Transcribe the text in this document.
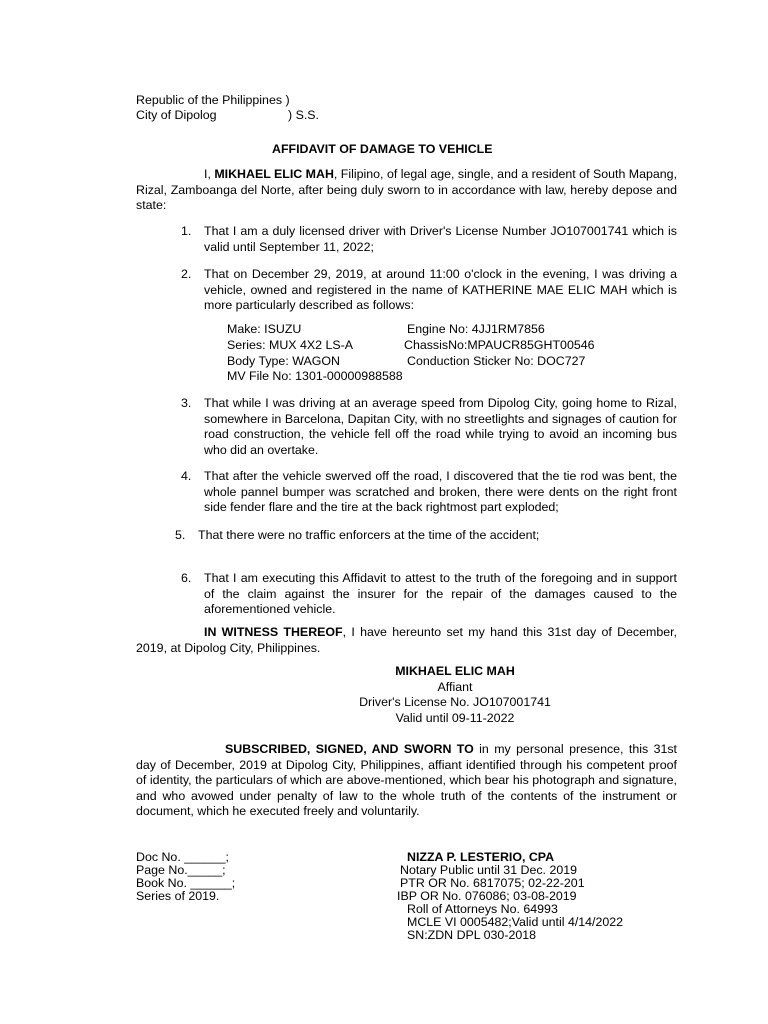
Republic of the Philippines )
City of Dipolog	) S.S.
AFFIDAVIT OF DAMAGE TO VEHICLE
I, MIKHAEL ELIC MAH, Filipino, of legal age, single, and a resident of South Mapang, Rizal, Zamboanga del Norte, after being duly sworn to in accordance with law, hereby depose and state:
1. That I am a duly licensed driver with Driver's License Number JO107001741 which is valid until September 11, 2022;
2. That on December 29, 2019, at around 11:00 o'clock in the evening, I was driving a vehicle, owned and registered in the name of KATHERINE MAE ELIC MAH which is more particularly described as follows:
Make: ISUZU
Series: MUX 4X2 LS-A
Body Type: WAGON
MV File No: 1301-00000988588
Engine No: 4JJ1RM7856
ChassisNo:MPAUCR85GHT00546
Conduction Sticker No: DOC727
3. That while I was driving at an average speed from Dipolog City, going home to Rizal, somewhere in Barcelona, Dapitan City, with no streetlights and signages of caution for road construction, the vehicle fell off the road while trying to avoid an incoming bus who did an overtake.
4. That after the vehicle swerved off the road, I discovered that the tie rod was bent, the whole pannel bumper was scratched and broken, there were dents on the right front side fender flare and the tire at the back rightmost part exploded;
5. That there were no traffic enforcers at the time of the accident;
6. That I am executing this Affidavit to attest to the truth of the foregoing and in support of the claim against the insurer for the repair of the damages caused to the aforementioned vehicle.
IN WITNESS THEREOF, I have hereunto set my hand this 31st day of December, 2019, at Dipolog City, Philippines.
MIKHAEL ELIC MAH
Affiant
Driver's License No. JO107001741
Valid until 09-11-2022
SUBSCRIBED, SIGNED, AND SWORN TO in my personal presence, this 31st day of December, 2019 at Dipolog City, Philippines, affiant identified through his competent proof of identity, the particulars of which are above-mentioned, which bear his photograph and signature, and who avowed under penalty of law to the whole truth of the contents of the instrument or document, which he executed freely and voluntarily.
Doc No. ______;
Page No._____;
Book No. ______;
Series of 2019.
NIZZA P. LESTERIO, CPA
Notary Public until 31 Dec. 2019
PTR OR No. 6817075; 02-22-201
IBP OR No. 076086; 03-08-2019
Roll of Attorneys No. 64993
MCLE VI 0005482;Valid until 4/14/2022
SN:ZDN DPL 030-2018
